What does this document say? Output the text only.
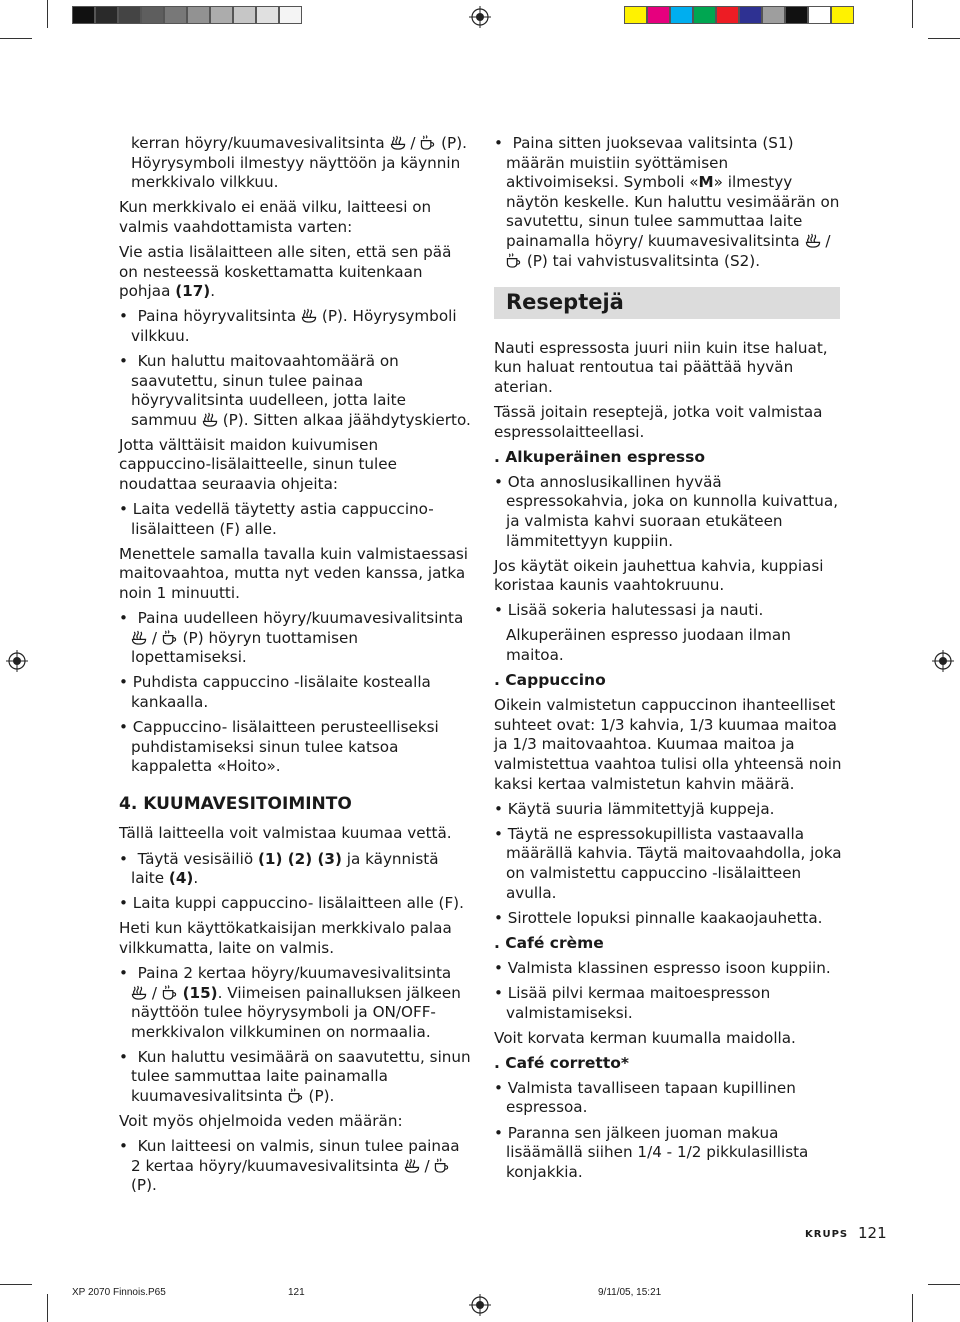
kerran höyry/kuumavesivalitsinta
/
(P). Höyrysymboli ilmestyy näyttöön ja käynnin merkkivalo vilkkuu.

Kun merkkivalo ei enää vilku, laitteesi on valmis vaahdottamista varten:

Vie astia lisälaitteen alle siten, että sen pää on nesteessä koskettamatta kuitenkaan pohjaa (17).

• Paina höyryvalitsinta (P). Höyrysymboli vilkkuu.

• Kun haluttu maitovaahtomäärä on saavutettu, sinun tulee painaa höyryvalitsinta uudelleen, jotta laite sammuu (P). Sitten alkaa jäähdytyskierto.

Jotta välttäisit maidon kuivumisen cappuccino-lisälaitteelle, sinun tulee noudattaa seuraavia ohjeita:

• Laita vedellä täytetty astia cappuccino-lisälaitteen (F) alle.

Menettele samalla tavalla kuin valmistaessasi maitovaahtoa, mutta nyt veden kanssa, jatka noin 1 minuutti.

• Paina uudelleen höyry/kuumavesivalitsinta
/
(P) höyryn tuottamisen lopettamiseksi.

• Puhdista cappuccino -lisälaite kostealla kankaalla.

• Cappuccino- lisälaitteen perusteelliseksi puhdistamiseksi sinun tulee katsoa kappaletta «Hoito».

4. KUUMAVESITOIMINTO

Tällä laitteella voit valmistaa kuumaa vettä.

• Täytä vesisäiliö (1) (2) (3) ja käynnistä laite (4).

• Laita kuppi cappuccino- lisälaitteen alle (F).

Heti kun käyttökatkaisijan merkkivalo palaa vilkkumatta, laite on valmis.

• Paina 2 kertaa höyry/kuumavesivalitsinta
/
(15). Viimeisen painalluksen jälkeen näyttöön tulee höyrysymboli ja ON/OFF-merkkivalon vilkkuminen on normaalia.

• Kun haluttu vesimäärä on saavutettu, sinun tulee sammuttaa laite painamalla kuumavesivalitsinta (P).

Voit myös ohjelmoida veden määrän:

• Kun laitteesi on valmis, sinun tulee painaa 2 kertaa höyry/kuumavesivalitsinta
/
(P).

• Paina sitten juoksevaa valitsinta (S1) määrän muistiin syöttämisen aktivoimiseksi. Symboli «M» ilmestyy näytön keskelle. Kun haluttu vesimäärän on savutettu, sinun tulee sammuttaa laite painamalla höyry/ kuumavesivalitsinta
/
(P) tai vahvistusvalitsinta (S2).

Reseptejä

Nauti espressosta juuri niin kuin itse haluat, kun haluat rentoutua tai päättää hyvän aterian.

Tässä joitain reseptejä, jotka voit valmistaa espressolaitteellasi.

. Alkuperäinen espresso

• Ota annoslusikallinen hyvää espressokahvia, joka on kunnolla kuivattua, ja valmista kahvi suoraan etukäteen lämmitettyyn kuppiin.

Jos käytät oikein jauhettua kahvia, kuppiasi koristaa kaunis vaahtokruunu.

• Lisää sokeria halutessasi ja nauti.

Alkuperäinen espresso juodaan ilman maitoa.

. Cappuccino

Oikein valmistetun cappuccinon ihanteelliset suhteet ovat: 1/3 kahvia, 1/3 kuumaa maitoa ja 1/3 maitovaahtoa. Kuumaa maitoa ja valmistettua vaahtoa tulisi olla yhteensä noin kaksi kertaa valmistetun kahvin määrä.

• Käytä suuria lämmitettyjä kuppeja.

• Täytä ne espressokupillista vastaavalla määrällä kahvia. Täytä maitovaahdolla, joka on valmistettu cappuccino -lisälaitteen avulla.

• Sirottele lopuksi pinnalle kaakaojauhetta.

. Café crème

• Valmista klassinen espresso isoon kuppiin.

• Lisää pilvi kermaa maitoespresson valmistamiseksi.

Voit korvata kerman kuumalla maidolla.

. Café corretto*

• Valmista tavalliseen tapaan kupillinen espressoa.

• Paranna sen jälkeen juoman makua lisäämällä siihen 1/4 - 1/2 pikkulasillista konjakkia.

KRUPS 121
XP 2070 Finnois.P65	121	9/11/05, 15:21
